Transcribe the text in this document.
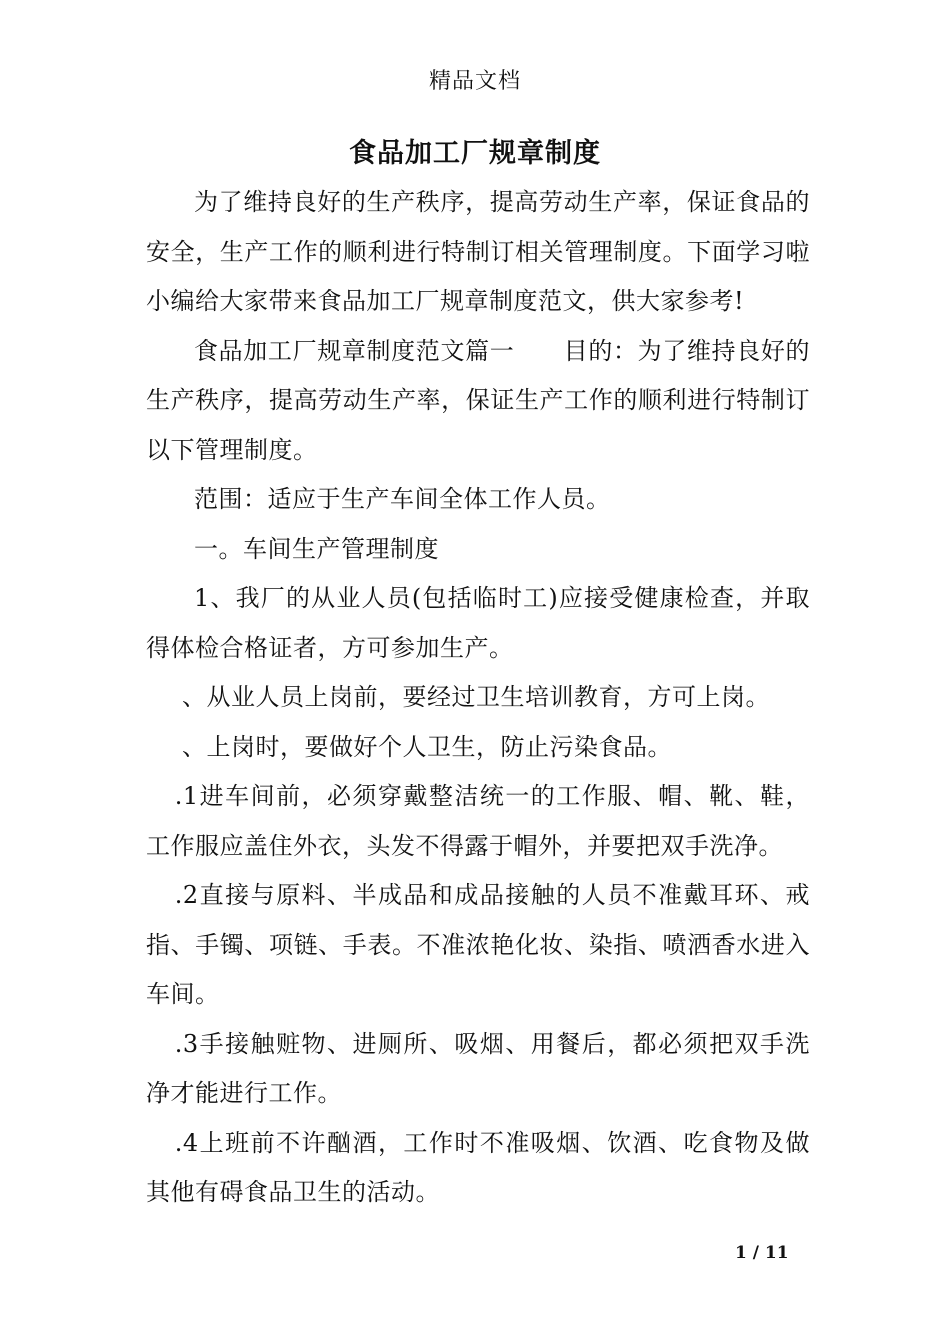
精品文档
食品加工厂规章制度

为了维持良好的生产秩序，提高劳动生产率，保证食品的安全，生产工作的顺利进行特制订相关管理制度。下面学习啦小编给大家带来食品加工厂规章制度范文，供大家参考!

食品加工厂规章制度范文篇一　　目的：为了维持良好的生产秩序，提高劳动生产率，保证生产工作的顺利进行特制订以下管理制度。

范围：适应于生产车间全体工作人员。

一。车间生产管理制度

1、我厂的从业人员(包括临时工)应接受健康检查，并取得体检合格证者，方可参加生产。

、从业人员上岗前，要经过卫生培训教育，方可上岗。

、上岗时，要做好个人卫生，防止污染食品。

.1进车间前，必须穿戴整洁统一的工作服、帽、靴、鞋，工作服应盖住外衣，头发不得露于帽外，并要把双手洗净。

.2直接与原料、半成品和成品接触的人员不准戴耳环、戒指、手镯、项链、手表。不准浓艳化妆、染指、喷洒香水进入车间。

.3手接触赃物、进厕所、吸烟、用餐后，都必须把双手洗净才能进行工作。

.4上班前不许酗酒，工作时不准吸烟、饮酒、吃食物及做其他有碍食品卫生的活动。

1 / 11
